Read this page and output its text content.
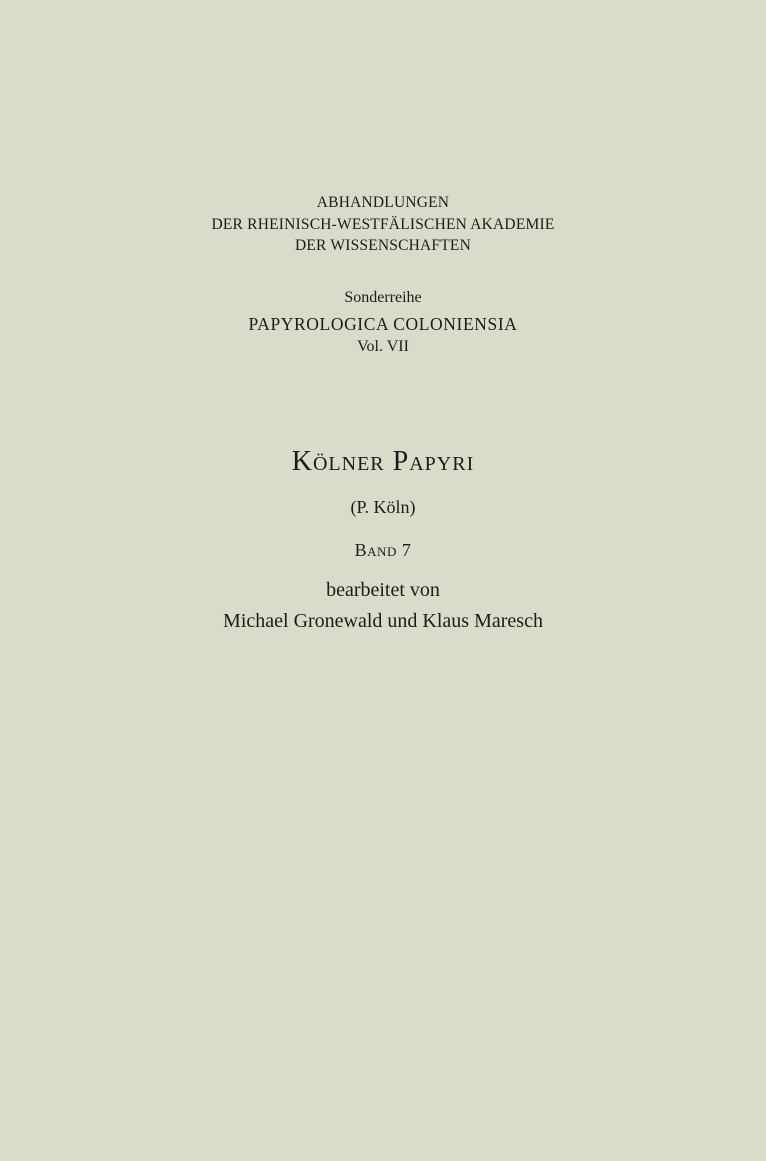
ABHANDLUNGEN
DER RHEINISCH-WESTFÄLISCHEN AKADEMIE
DER WISSENSCHAFTEN
Sonderreihe
PAPYROLOGICA COLONIENSIA
Vol. VII
Kölner Papyri
(P. Köln)
Band 7
bearbeitet von
Michael Gronewald und Klaus Maresch
